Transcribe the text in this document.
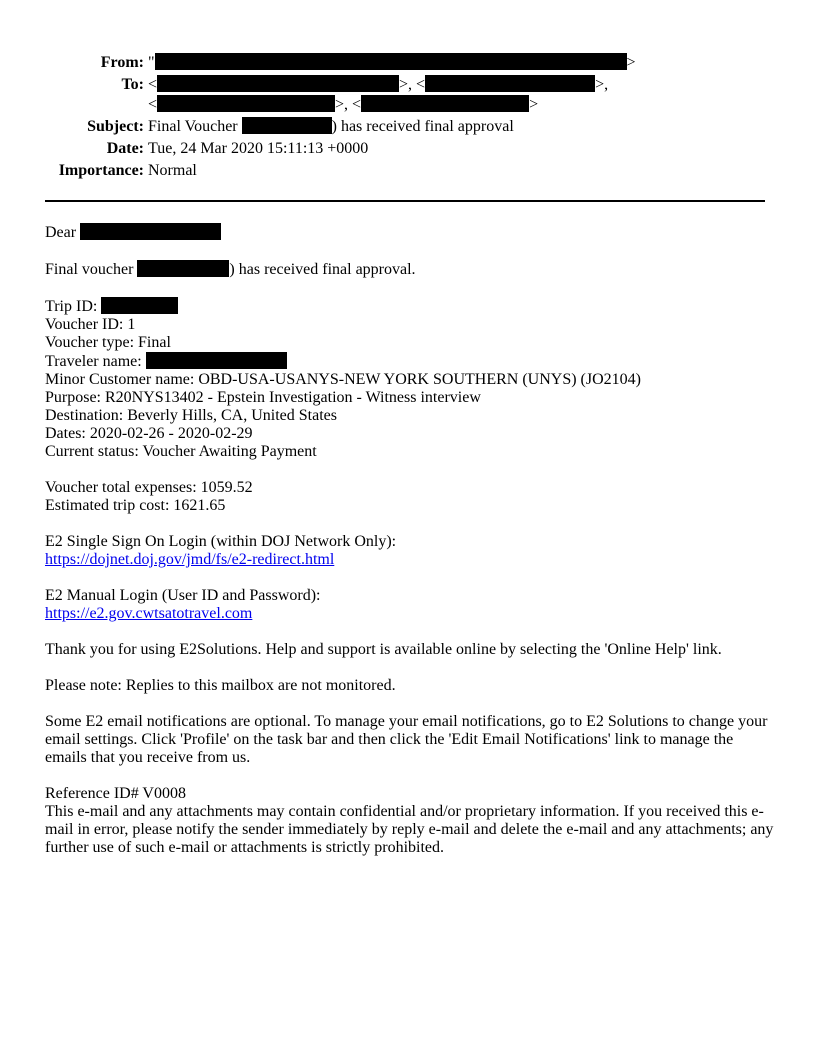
From: "	>
To: <	>, <	>,
<	>, <	>
Subject: Final Voucher	) has received final approval
Date: Tue, 24 Mar 2020 15:11:13 +0000
Importance: Normal
Dear
Final voucher	) has received final approval.
Trip ID:
Voucher ID: 1
Voucher type: Final
Traveler name:
Minor Customer name: OBD-USA-USANYS-NEW YORK SOUTHERN (UNYS) (JO2104)
Purpose: R20NYS13402 - Epstein Investigation - Witness interview
Destination: Beverly Hills, CA, United States
Dates: 2020-02-26 - 2020-02-29
Current status: Voucher Awaiting Payment
Voucher total expenses: 1059.52
Estimated trip cost: 1621.65
E2 Single Sign On Login (within DOJ Network Only):
https://dojnet.doj.gov/jmd/fs/e2-redirect.html
E2 Manual Login (User ID and Password):
https://e2.gov.cwtsatotravel.com
Thank you for using E2Solutions. Help and support is available online by selecting the 'Online Help' link.
Please note: Replies to this mailbox are not monitored.
Some E2 email notifications are optional. To manage your email notifications, go to E2 Solutions to change your email settings. Click 'Profile' on the task bar and then click the 'Edit Email Notifications' link to manage the emails that you receive from us.
Reference ID# V0008
This e-mail and any attachments may contain confidential and/or proprietary information. If you received this e-mail in error, please notify the sender immediately by reply e-mail and delete the e-mail and any attachments; any further use of such e-mail or attachments is strictly prohibited.
